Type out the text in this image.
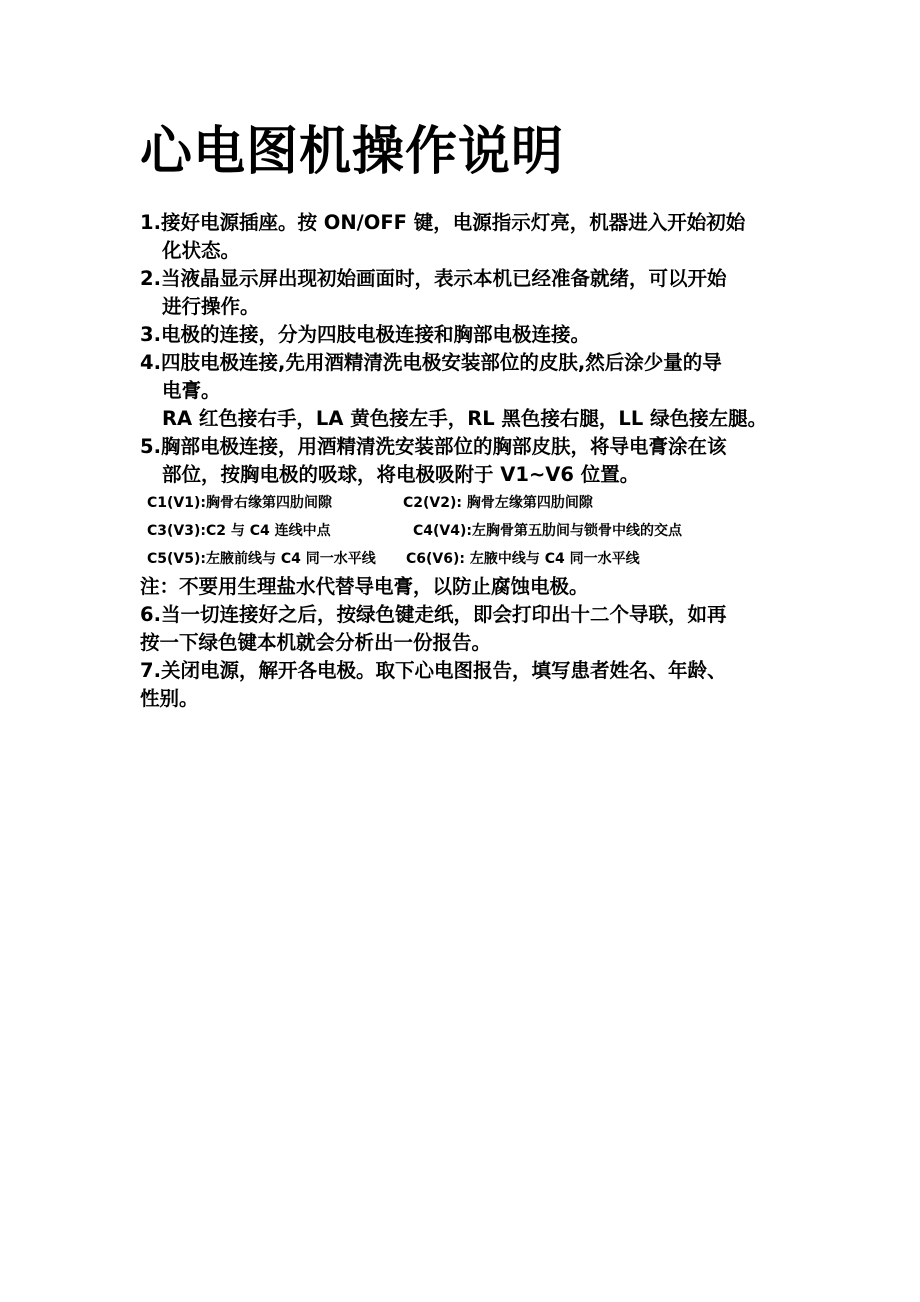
心电图机操作说明

1.接好电源插座。按 ON/OFF 键，电源指示灯亮，机器进入开始初始

化状态。

2.当液晶显示屏出现初始画面时，表示本机已经准备就绪，可以开始

进行操作。

3.电极的连接，分为四肢电极连接和胸部电极连接。

4.四肢电极连接,先用酒精清洗电极安装部位的皮肤,然后涂少量的导

电膏。

RA 红色接右手，LA 黄色接左手，RL 黑色接右腿，LL 绿色接左腿。

5.胸部电极连接，用酒精清洗安装部位的胸部皮肤，将导电膏涂在该

部位，按胸电极的吸球，将电极吸附于 V1~V6 位置。

C1(V1):胸骨右缘第四肋间隙	C2(V2): 胸骨左缘第四肋间隙

C3(V3):C2 与 C4 连线中点	C4(V4):左胸骨第五肋间与锁骨中线的交点

C5(V5):左腋前线与 C4 同一水平线 C6(V6): 左腋中线与 C4 同一水平线

注：不要用生理盐水代替导电膏，以防止腐蚀电极。

6.当一切连接好之后，按绿色键走纸，即会打印出十二个导联，如再

按一下绿色键本机就会分析出一份报告。

7.关闭电源，解开各电极。取下心电图报告，填写患者姓名、年龄、

性别。
